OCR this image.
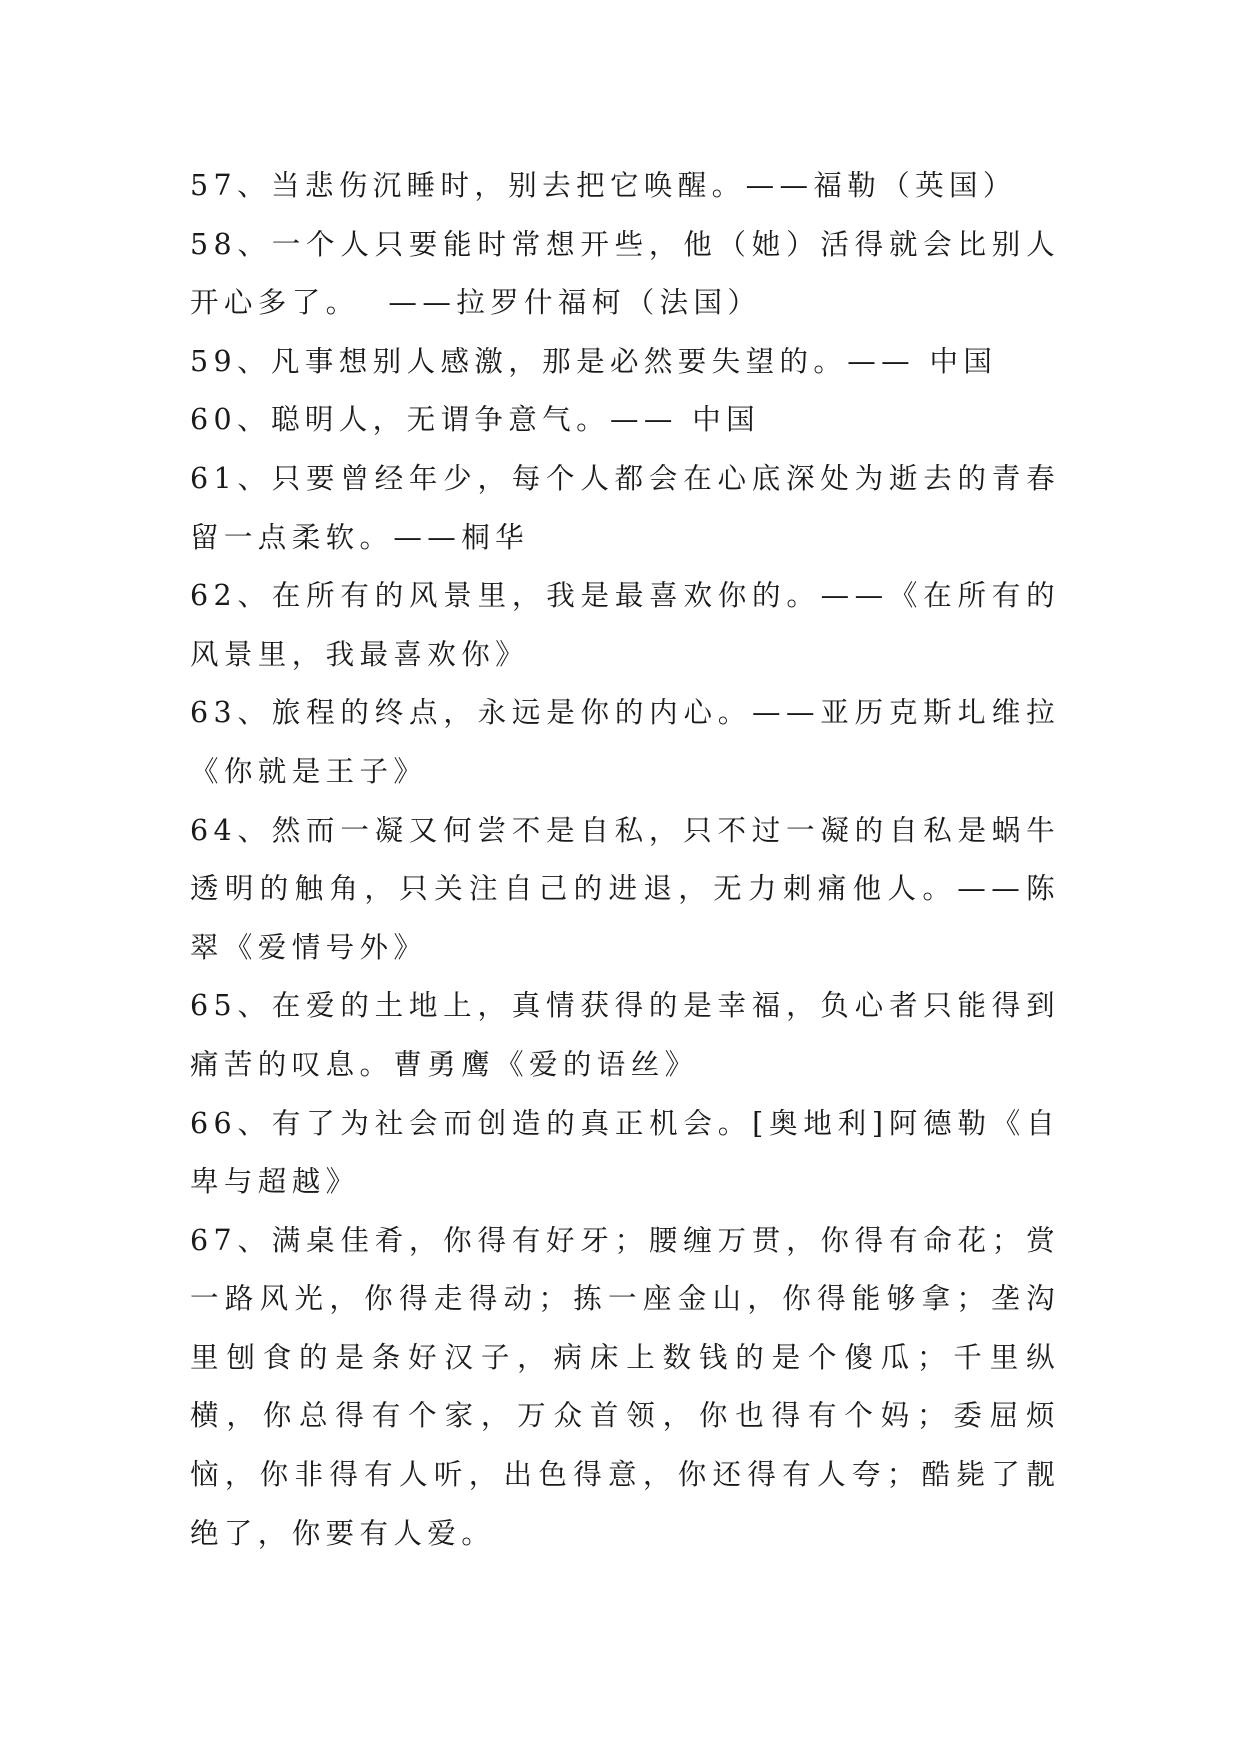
57、当悲伤沉睡时，别去把它唤醒。——福勒（英国）

58、一个人只要能时常想开些，他（她）活得就会比别人开心多了。  ——拉罗什福柯（法国）

59、凡事想别人感激，那是必然要失望的。—— 中国

60、聪明人，无谓争意气。—— 中国

61、只要曾经年少，每个人都会在心底深处为逝去的青春留一点柔软。——桐华

62、在所有的风景里，我是最喜欢你的。——《在所有的风景里，我最喜欢你》

63、旅程的终点，永远是你的内心。——亚历克斯圠维拉《你就是王子》

64、然而一凝又何尝不是自私，只不过一凝的自私是蜗牛透明的触角，只关注自己的进退，无力刺痛他人。——陈翠《爱情号外》

65、在爱的土地上，真情获得的是幸福，负心者只能得到痛苦的叹息。曹勇鹰《爱的语丝》

66、有了为社会而创造的真正机会。[奥地利]阿德勒《自卑与超越》

67、满桌佳肴，你得有好牙；腰缠万贯，你得有命花；赏一路风光，你得走得动；拣一座金山，你得能够拿；垄沟里刨食的是条好汉子，病床上数钱的是个傻瓜；千里纵横，你总得有个家，万众首领，你也得有个妈；委屈烦恼，你非得有人听，出色得意，你还得有人夸；酷毙了靓绝了，你要有人爱。
